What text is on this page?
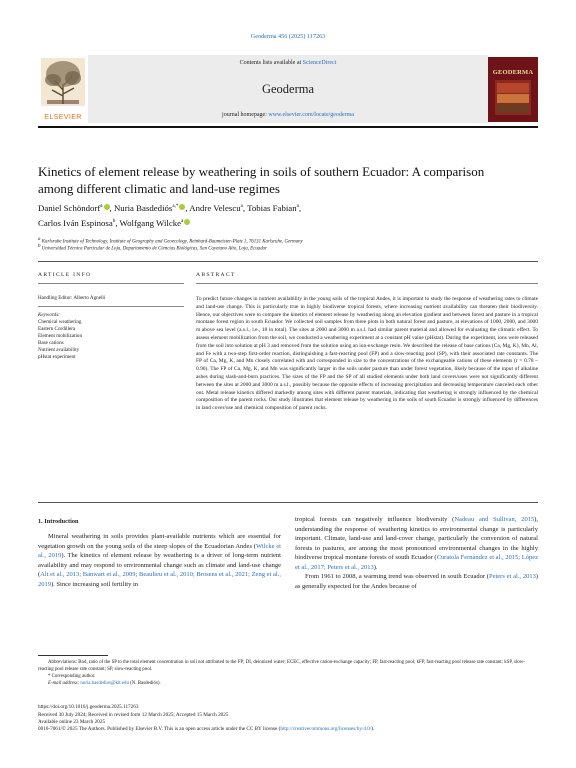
Geoderma 456 (2025) 117263
Contents lists available at ScienceDirect
Geoderma
journal homepage: www.elsevier.com/locate/geoderma
ELSEVIER
GEODERMA
Kinetics of element release by weathering in soils of southern Ecuador: A comparison among different climatic and land-use regimes
Daniel Schöndorf$^a$ , Nuria Basdediós$^{a,*}$ , Andre Velescu$^a$, Tobias Fabian$^a$,
Carlos Iván Espinosa$^b$, Wolfgang Wilcke$^a$
$^a$ Karlsruhe Institute of Technology, Institute of Geography and Geoecology, Reinhard-Baumeister-Platz 1, 76131 Karlsruhe, Germany
$^b$ Universidad Técnica Particular de Loja, Departamento de Ciencias Biológicas, San Cayetano Alto, Loja, Ecuador
ARTICLE INFO
Handling Editor: Alberto Agnelli
Keywords:
Chemical weathering
Eastern Cordillera
Element mobilization
Base cations
Nutrient availability
pHstat experiment
ABSTRACT
To predict future changes in nutrient availability in the young soils of the tropical Andes, it is important to study the response of weathering rates to climate and land-use change. This is particularly true in highly biodiverse tropical forests, where increasing nutrient availability can threaten their biodiversity. Hence, our objectives were to compare the kinetics of element release by weathering along an elevation gradient and between forest and pasture in a tropical montane forest region in south Ecuador. We collected soil samples from three plots in both natural forest and pasture, at elevations of 1000, 2000, and 3000 m above sea level (a.s.l., i.e., 18 in total). The sites at 2000 and 3000 m a.s.l. had similar parent material and allowed for evaluating the climatic effect. To assess element mobilization from the soil, we conducted a weathering experiment at a constant pH value (pHstat). During the experiment, ions were released from the soil into solution at pH 3 and removed from the solution using an ion-exchange resin. We described the release of base cations (Ca, Mg, K), Mn, Al, and Fe with a two-step first-order reaction, distinguishing a fast-reacting pool (FP) and a slow-reacting pool (SP), with their associated rate constants. The FP of Ca, Mg, K, and Mn closely correlated with and corresponded in size to the concentrations of the exchangeable cations of these elements (r = 0.78 – 0.96). The FP of Ca, Mg, K, and Mn was significantly larger in the soils under pasture than under forest vegetation, likely because of the input of alkaline ashes during slash-and-burn practices. The sizes of the FP and the SP of all studied elements under both land covers/uses were not significantly different between the sites at 2000 and 3000 m a.s.l., possibly because the opposite effects of increasing precipitation and decreasing temperature canceled each other out. Metal release kinetics differed markedly among sites with different parent materials, indicating that weathering is strongly influenced by the chemical composition of the parent rocks. Our study illustrates that element release by weathering in the soils of south Ecuador is strongly influenced by differences in land cover/use and chemical composition of parent rocks.
1. Introduction
Mineral weathering in soils provides plant-available nutrients which are essential for vegetation growth on the young soils of the steep slopes of the Ecuadorian Andes (Wilcke et al., 2019). The kinetics of element release by weathering is a driver of long-term nutrient availability and may respond to environmental change such as climate and land-use change (Alt et al., 2013; Banwart et al., 2009; Beaulieu et al., 2010; Brosens et al., 2021; Zeng et al., 2019). Since increasing soil fertility in
tropical forests can negatively influence biodiversity (Nadeau and Sullivan, 2015), understanding the response of weathering kinetics to environmental change is particularly important. Climate, land-use and land-cover change, particularly the conversion of natural forests to pastures, are among the most pronounced environmental changes in the highly biodiverse tropical montane forests of south Ecuador (Curatola Fernández et al., 2015; López et al., 2017; Peters et al., 2013).
From 1961 to 2008, a warming trend was observed in south Ecuador (Peters et al., 2013) as generally expected for the Andes because of
Abbreviations: Bnd, ratio of the SP to the total element concentration in soil not attributed to the FP; DI, deionized water; ECEC, effective cation-exchange capacity; FP, fast-reacting pool; kFP, fast-reacting pool release rate constant; kSP, slow-reacting pool release rate constant; SP, slow-reacting pool.
* Corresponding author.
E-mail address: nuria.basdedios@kit.edu (N. Basdediós).
https://doi.org/10.1016/j.geoderma.2025.117263
Received 30 July 2024; Received in revised form 12 March 2025; Accepted 15 March 2025
Available online 23 March 2025
0016-7061/© 2025 The Authors. Published by Elsevier B.V. This is an open access article under the CC BY license (http://creativecommons.org/licenses/by/4.0/).
